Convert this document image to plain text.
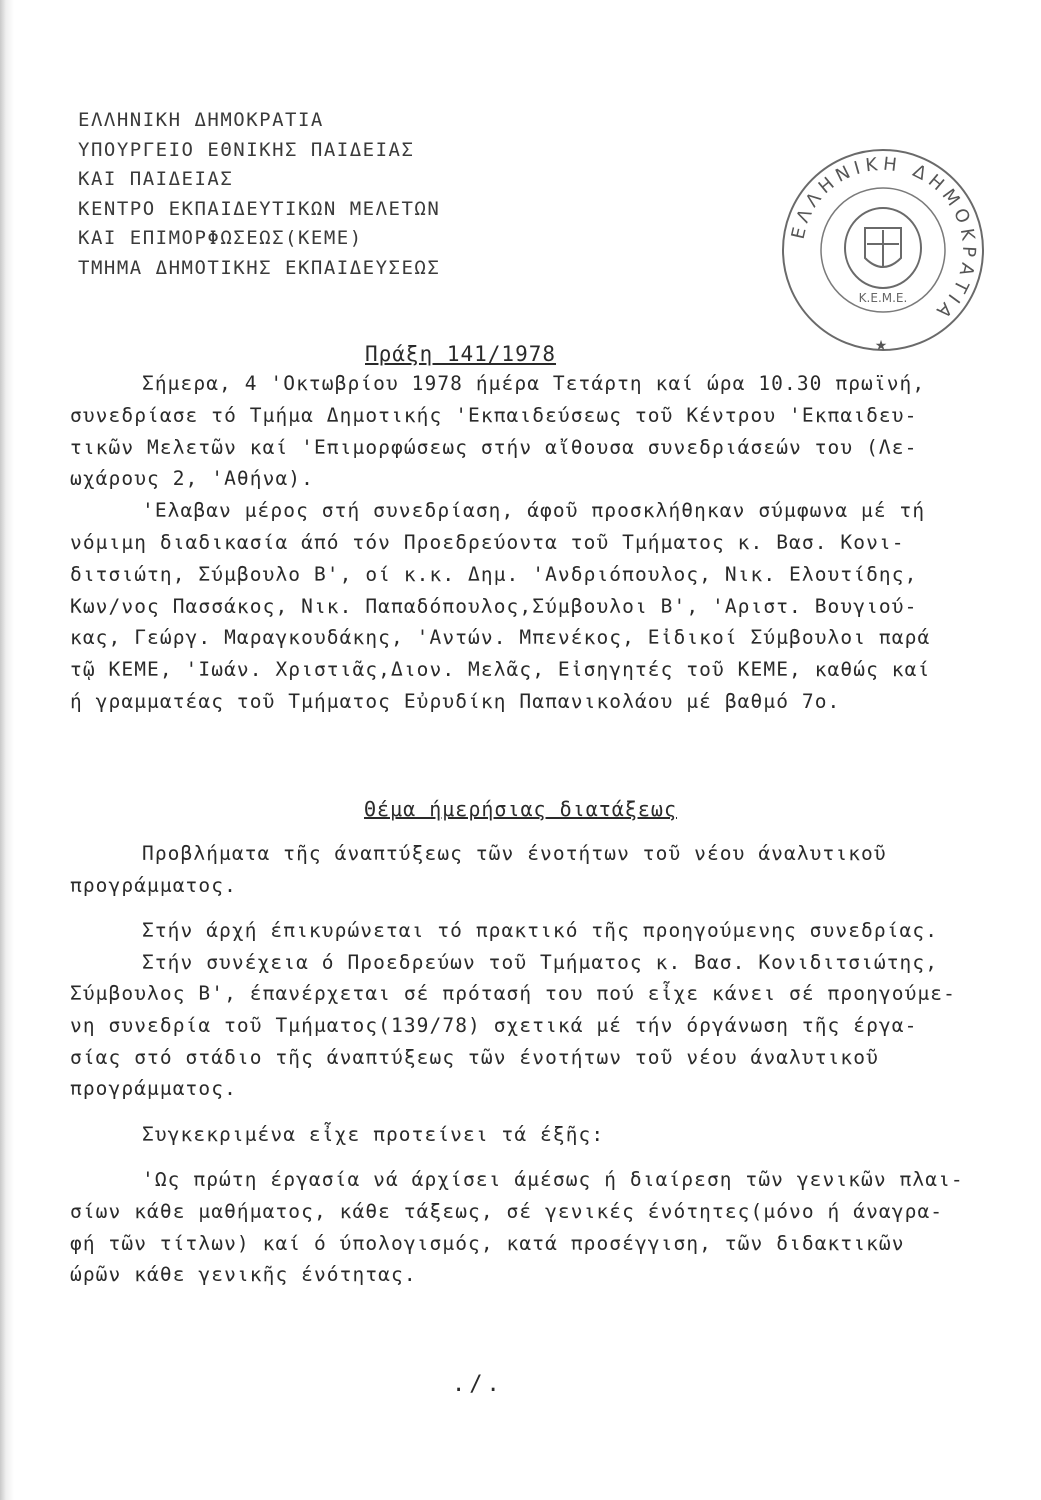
ΕΛΛΗΝΙΚΗ ΔΗΜΟΚΡΑΤΙΑ
ΥΠΟΥΡΓΕΙΟ ΕΘΝΙΚΗΣ ΠΑΙΔΕΙΑΣ
ΚΑΙ ΠΑΙΔΕΙΑΣ
ΚΕΝΤΡΟ ΕΚΠΑΙΔΕΥΤΙΚΩΝ ΜΕΛΕΤΩΝ
ΚΑΙ ΕΠΙΜΟΡΦΩΣΕΩΣ(ΚΕΜΕ)
ΤΜΗΜΑ ΔΗΜΟΤΙΚΗΣ ΕΚΠΑΙΔΕΥΣΕΩΣ
ΕΛΛΗΝΙΚΗ ΔΗΜΟΚΡΑΤΙΑ
Κ.Ε.Μ.Ε.
★
Πράξη 141/1978

Σήμερα, 4 'Οκτωβρίου 1978 ήμέρα Τετάρτη καί ώρα 10.30 πρωϊνή,

συνεδρίασε τό Τμήμα Δημοτικής 'Εκπαιδεύσεως τοῦ Κέντρου 'Εκπαιδευ-

τικῶν Μελετῶν καί 'Επιμορφώσεως στήν αἴθουσα συνεδριάσεών του (Λε-

ωχάρους 2, 'Αθήνα).

'Ελαβαν μέρος στή συνεδρίαση, άφοῦ προσκλήθηκαν σύμφωνα μέ τή

νόμιμη διαδικασία άπό τόν Προεδρεύοντα τοῦ Τμήματος κ. Βασ. Κονι-

διτσιώτη, Σύμβουλο Β', οί κ.κ. Δημ. 'Ανδριόπουλος, Νικ. Ελουτίδης,

Κων/νος Πασσάκος, Νικ. Παπαδόπουλος,Σύμβουλοι Β', 'Αριστ. Βουγιού-

κας, Γεώργ. Μαραγκουδάκης, 'Αντών. Μπενέκος, Εἰδικοί Σύμβουλοι παρά

τῷ ΚΕΜΕ, 'Ιωάν. Χριστιᾶς,Διον. Μελᾶς, Εἰσηγητές τοῦ ΚΕΜΕ, καθώς καί

ή γραμματέας τοῦ Τμήματος Εὐρυδίκη Παπανικολάου μέ βαθμό 7ο.

Θέμα ήμερήσιας διατάξεως

Προβλήματα τῆς άναπτύξεως τῶν ένοτήτων τοῦ νέου άναλυτικοῦ

προγράμματος.

Στήν άρχή έπικυρώνεται τό πρακτικό τῆς προηγούμενης συνεδρίας.

Στήν συνέχεια ό Προεδρεύων τοῦ Τμήματος κ. Βασ. Κονιδιτσιώτης,

Σύμβουλος Β', έπανέρχεται σέ πρότασή του πού εἶχε κάνει σέ προηγούμε-

νη συνεδρία τοῦ Τμήματος(139/78) σχετικά μέ τήν όργάνωση τῆς έργα-

σίας στό στάδιο τῆς άναπτύξεως τῶν ένοτήτων τοῦ νέου άναλυτικοῦ

προγράμματος.

Συγκεκριμένα εἶχε προτείνει τά έξῆς:

'Ως πρώτη έργασία νά άρχίσει άμέσως ή διαίρεση τῶν γενικῶν πλαι-

σίων κάθε μαθήματος, κάθε τάξεως, σέ γενικές ένότητες(μόνο ή άναγρα-

φή τῶν τίτλων) καί ό ύπολογισμός, κατά προσέγγιση, τῶν διδακτικῶν

ώρῶν κάθε γενικῆς ένότητας.

./.
